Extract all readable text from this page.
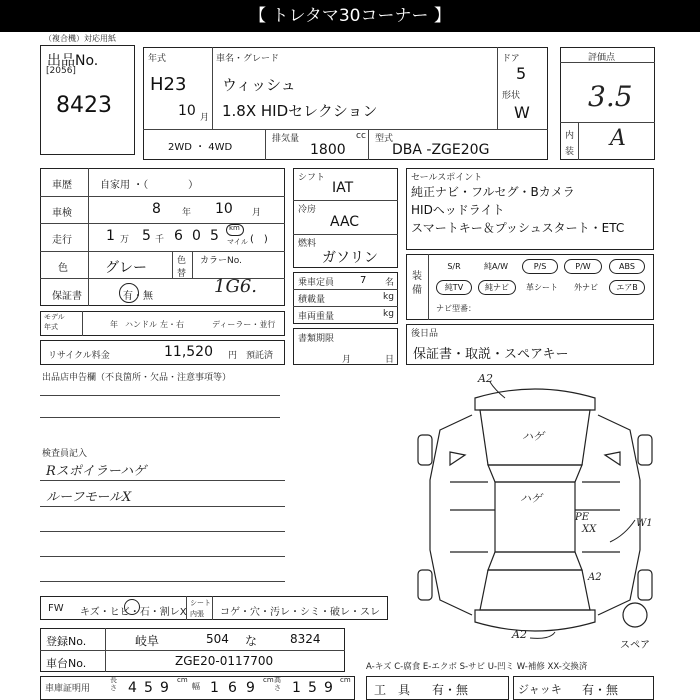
【 トレタマ30コーナー 】
（複合機）対応用紙
出品No.
[2056]
8423
年式
H23
10 月
車名・グレード
ウィッシュ
1.8X HIDセレクション
ドア
5
形状
W
2WD ・ 4WD
排気量	cc
1800
型式
DBA -ZGE20G
評価点
3.5
内
装
A
車歴	自家用 ・（　　　　）
車検	8 年 10 月
走行 1 万 5 千 6 0 5 km
マイル (　)
色	グレー	色
替
カラーNo.
1G6.
保証書	有・無
モデル
年式	年 ハンドル 左・右	ディーラー・並行
リサイクル料金	11,520 円 預託済
シフト
IAT
冷房
AAC
燃料
ガソリン
乗車定員	7 名
積載量	kg
車両重量	kg
書類期限
月	日
セールスポイント
純正ナビ・フルセグ・Bカメラ
HIDヘッドライト
スマートキー＆プッシュスタート・ETC
装
備
S/R	純A/W	P/S	P/W	ABS
純TV	純ナビ	革シート	外ナビ	エアB
ナビ型番：
後日品
保証書・取説・スペアキー
出品店申告欄（不良箇所・欠品・注意事項等）
検査員記入
Rスポイラーハゲ
ルーフモールX
FW キズ・ヒビ・石・割レX
シート
内張 コゲ・穴・汚レ・シミ・破レ・スレ
登録No.	岐阜	504 な	8324
車台No.	ZGE20-0117700
車庫証明用
長さ 4 5 9 cm
幅 1 6 9 cm 高さ 1 5 9 cm
A-キズ C-腐食 E-エクボ S-サビ U-凹ミ W-補修 XX-交換済
工　具 有・無	ジャッキ 有・無
A2
ハゲ
ハゲ
PE
XX
W1
A2
A2
スペア
